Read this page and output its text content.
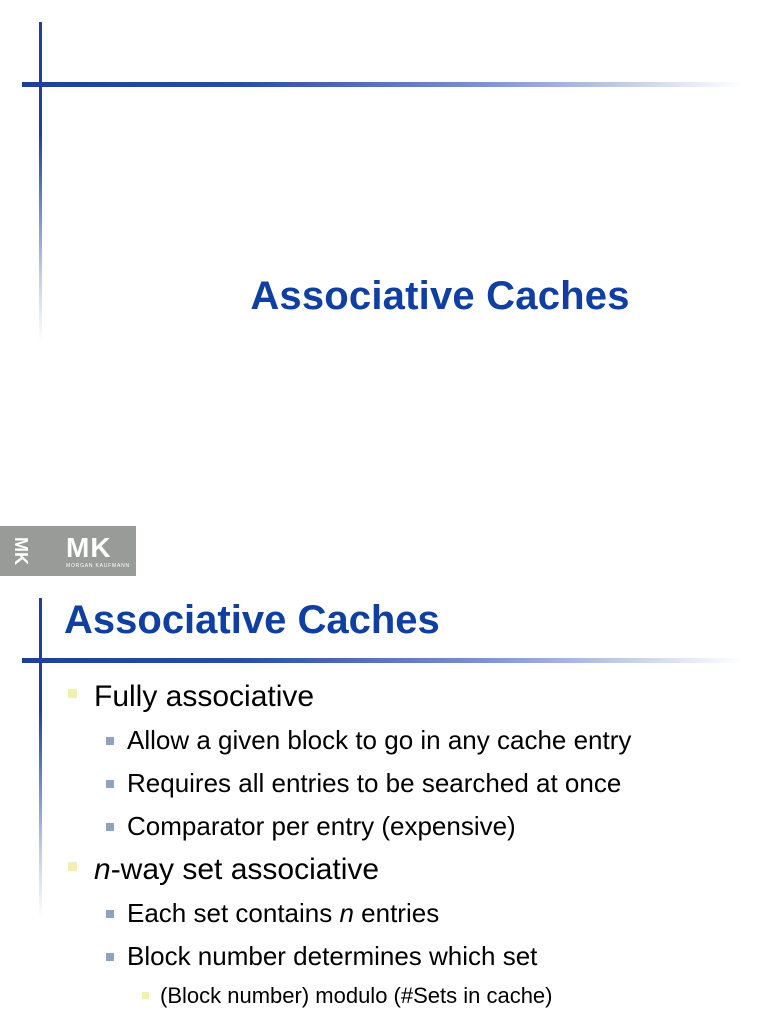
Associative Caches
MK MK
MORGAN KAUFMANN
Associative Caches
Fully associative
Allow a given block to go in any cache entry
Requires all entries to be searched at once
Comparator per entry (expensive)
n-way set associative
Each set contains n entries
Block number determines which set
(Block number) modulo (#Sets in cache)
